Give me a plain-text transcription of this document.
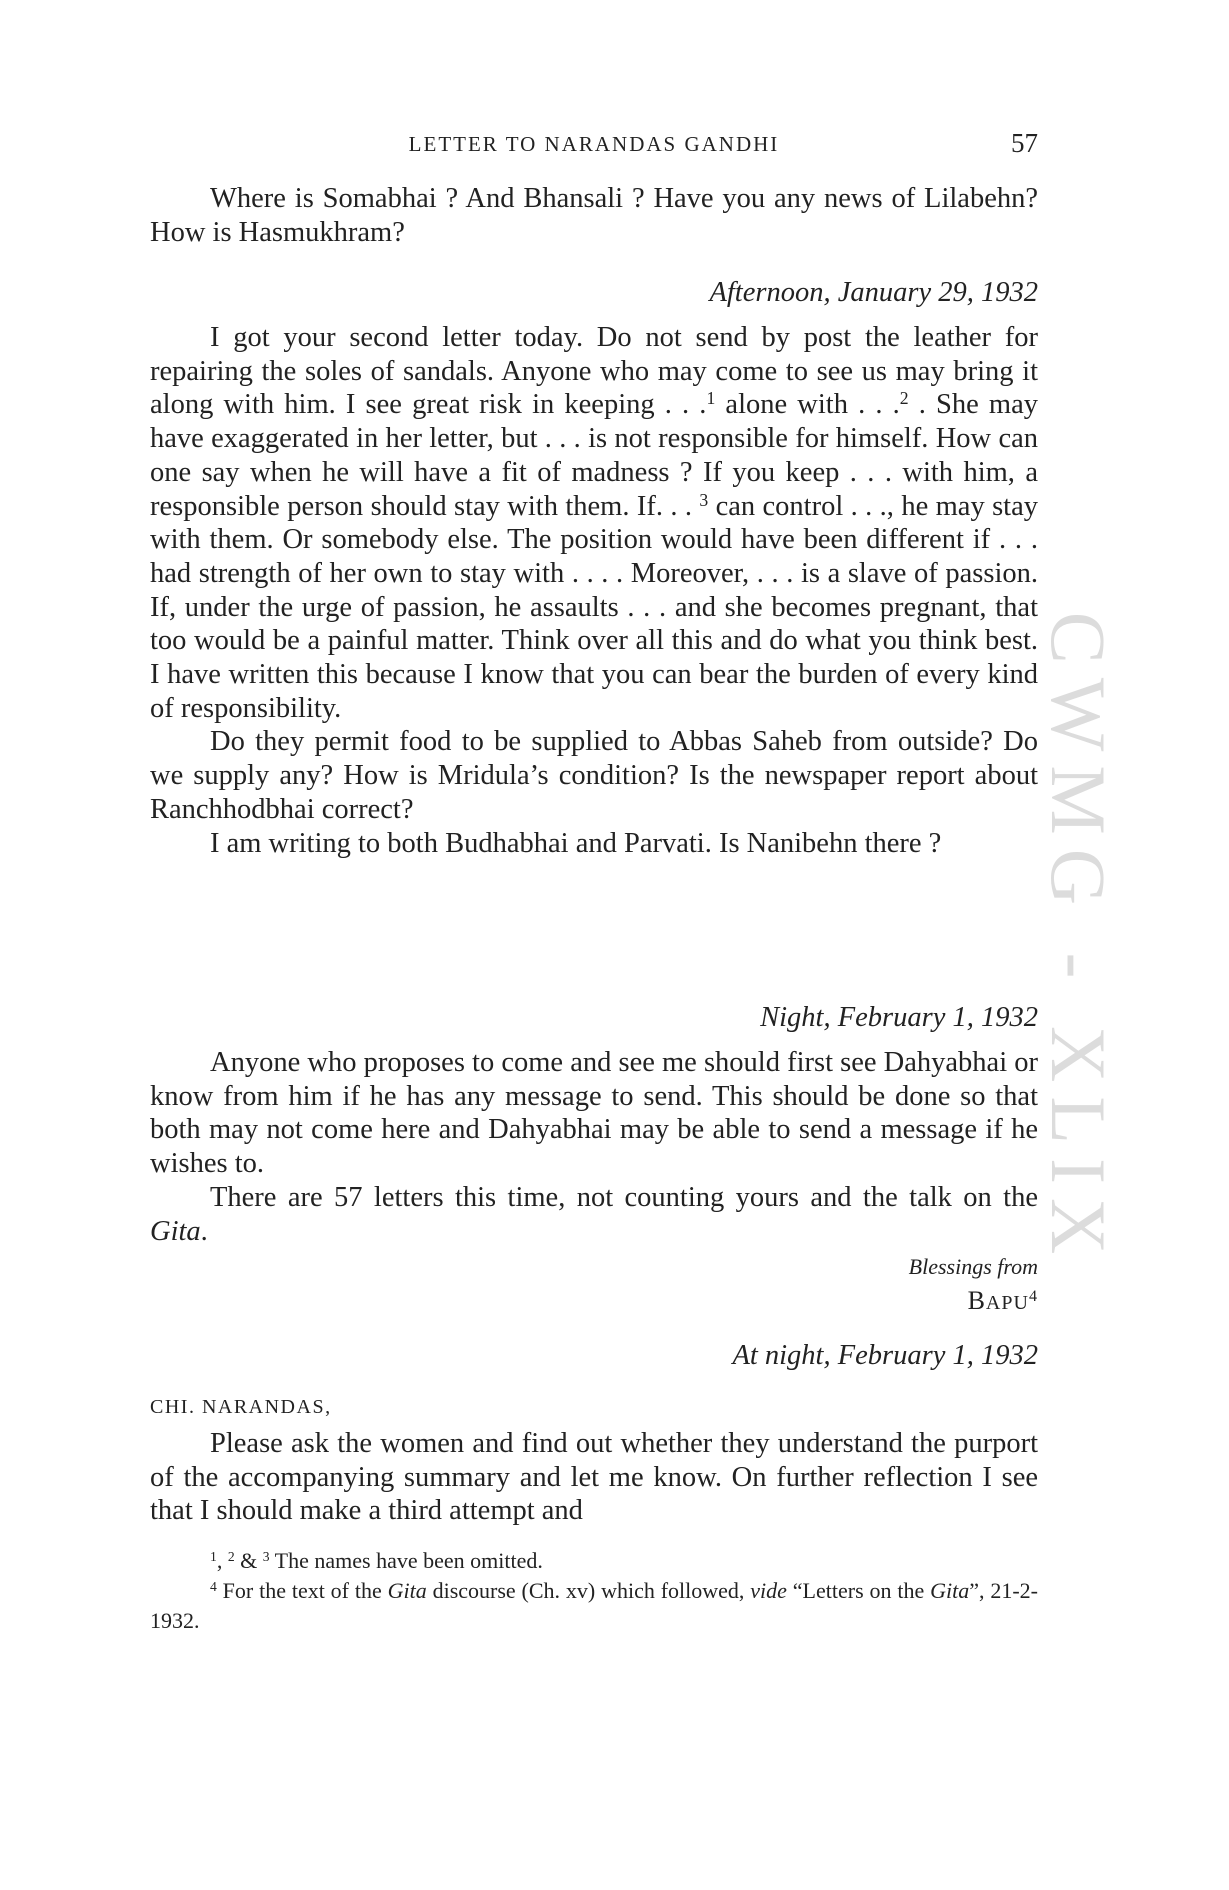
CWMG - XLIX
LETTER TO NARANDAS GANDHI	57

Where is Somabhai ? And Bhansali ? Have you any news of Lilabehn? How is Hasmukhram?

Afternoon, January 29, 1932

I got your second letter today. Do not send by post the leather for repairing the soles of sandals. Anyone who may come to see us may bring it along with him. I see great risk in keeping . . .$^1$ alone with . . .$^2$ . She may have exaggerated in her letter, but . . . is not responsible for himself. How can one say when he will have a fit of madness ? If you keep . . . with him, a responsible person should stay with them. If. . . $^3$ can control . . ., he may stay with them. Or somebody else. The position would have been different if . . . had strength of her own to stay with . . . . Moreover, . . . is a slave of passion. If, under the urge of passion, he assaults . . . and she becomes pregnant, that too would be a painful matter. Think over all this and do what you think best. I have written this because I know that you can bear the burden of every kind of responsibility.

Do they permit food to be supplied to Abbas Saheb from outside? Do we supply any? How is Mridula’s condition? Is the newspaper report about Ranchhodbhai correct?

I am writing to both Budhabhai and Parvati. Is Nanibehn there ?

Night, February 1, 1932

Anyone who proposes to come and see me should first see Dahyabhai or know from him if he has any message to send. This should be done so that both may not come here and Dahyabhai may be able to send a message if he wishes to.

There are 57 letters this time, not counting yours and the talk on the Gita.

Blessings from
BAPU$^4$

At night, February 1, 1932

CHI. NARANDAS,

Please ask the women and find out whether they understand the purport of the accompanying summary and let me know. On further reflection I see that I should make a third attempt and

$^1$, $^2$ & $^3$ The names have been omitted.

$^4$ For the text of the Gita discourse (Ch. xv) which followed, vide “Letters on the Gita”, 21-2-1932.
